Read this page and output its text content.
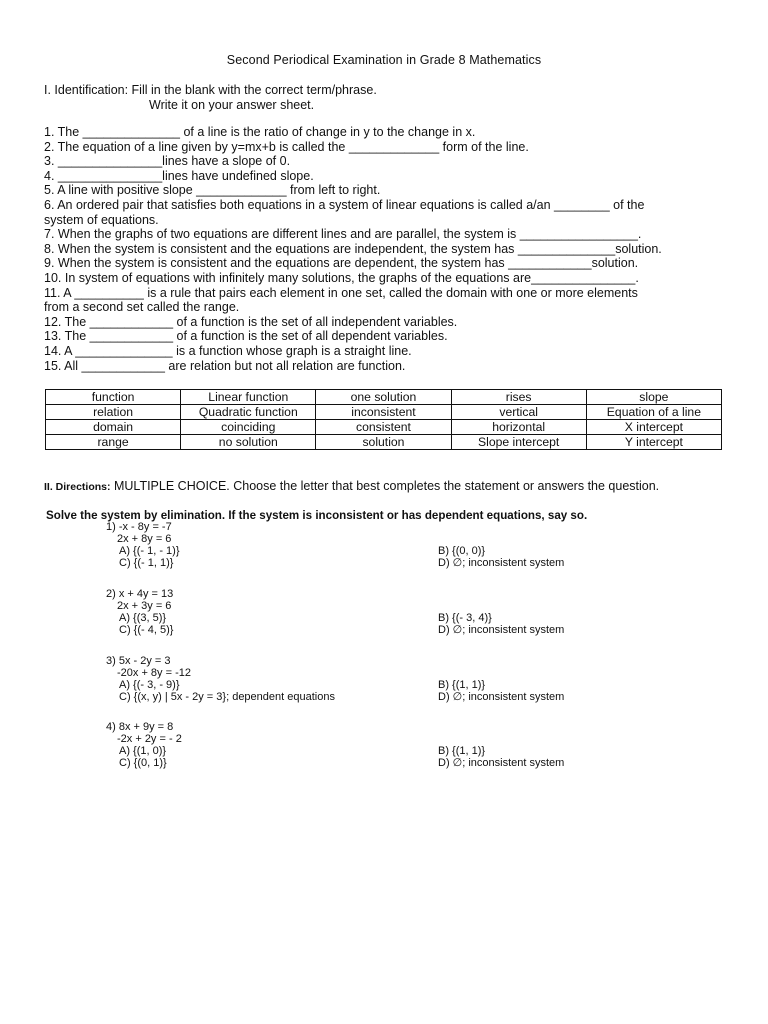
Second Periodical Examination in Grade 8 Mathematics
I. Identification: Fill in the blank with the correct term/phrase.
Write it on your answer sheet.
1. The ______________ of a line is the ratio of change in y to the change in x.
2. The equation of a line given by y=mx+b is called the _____________ form of the line.
3. _______________lines have a slope of 0.
4. _______________lines have undefined slope.
5. A line with positive slope _____________ from left to right.
6. An ordered pair that satisfies both equations in a system of linear equations is called a/an ________ of the
system of equations.
7. When the graphs of two equations are different lines and are parallel, the system is _________________.
8. When the system is consistent and the equations are independent, the system has ______________solution.
9. When the system is consistent and the equations are dependent, the system has ____________solution.
10. In system of equations with infinitely many solutions, the graphs of the equations are_______________.
11. A __________ is a rule that pairs each element in one set, called the domain with one or more elements
from a second set called the range.
12. The ____________ of a function is the set of all independent variables.
13. The ____________ of a function is the set of all dependent variables.
14. A ______________ is a function whose graph is a straight line.
15. All ____________ are relation but not all relation are function.
function	Linear function	one solution	rises	slope
relation	Quadratic function	inconsistent	vertical	Equation of a line
domain	coinciding	consistent	horizontal	X intercept
range	no solution	solution	Slope intercept	Y intercept
II. Directions: MULTIPLE CHOICE. Choose the letter that best completes the statement or answers the question.
Solve the system by elimination. If the system is inconsistent or has dependent equations, say so.
1) -x - 8y = -7
2x + 8y = 6
A) {(- 1, - 1)}
C) {(- 1, 1)}
B) {(0, 0)}
D) ∅; inconsistent system
2) x + 4y = 13
2x + 3y = 6
A) {(3, 5)}
C) {(- 4, 5)}
B) {(- 3, 4)}
D) ∅; inconsistent system
3) 5x - 2y = 3
-20x + 8y = -12
A) {(- 3, - 9)}
C) {(x, y) | 5x - 2y = 3}; dependent equations
B) {(1, 1)}
D) ∅; inconsistent system
4) 8x + 9y = 8
-2x + 2y = - 2
A) {(1, 0)}
C) {(0, 1)}
B) {(1, 1)}
D) ∅; inconsistent system
